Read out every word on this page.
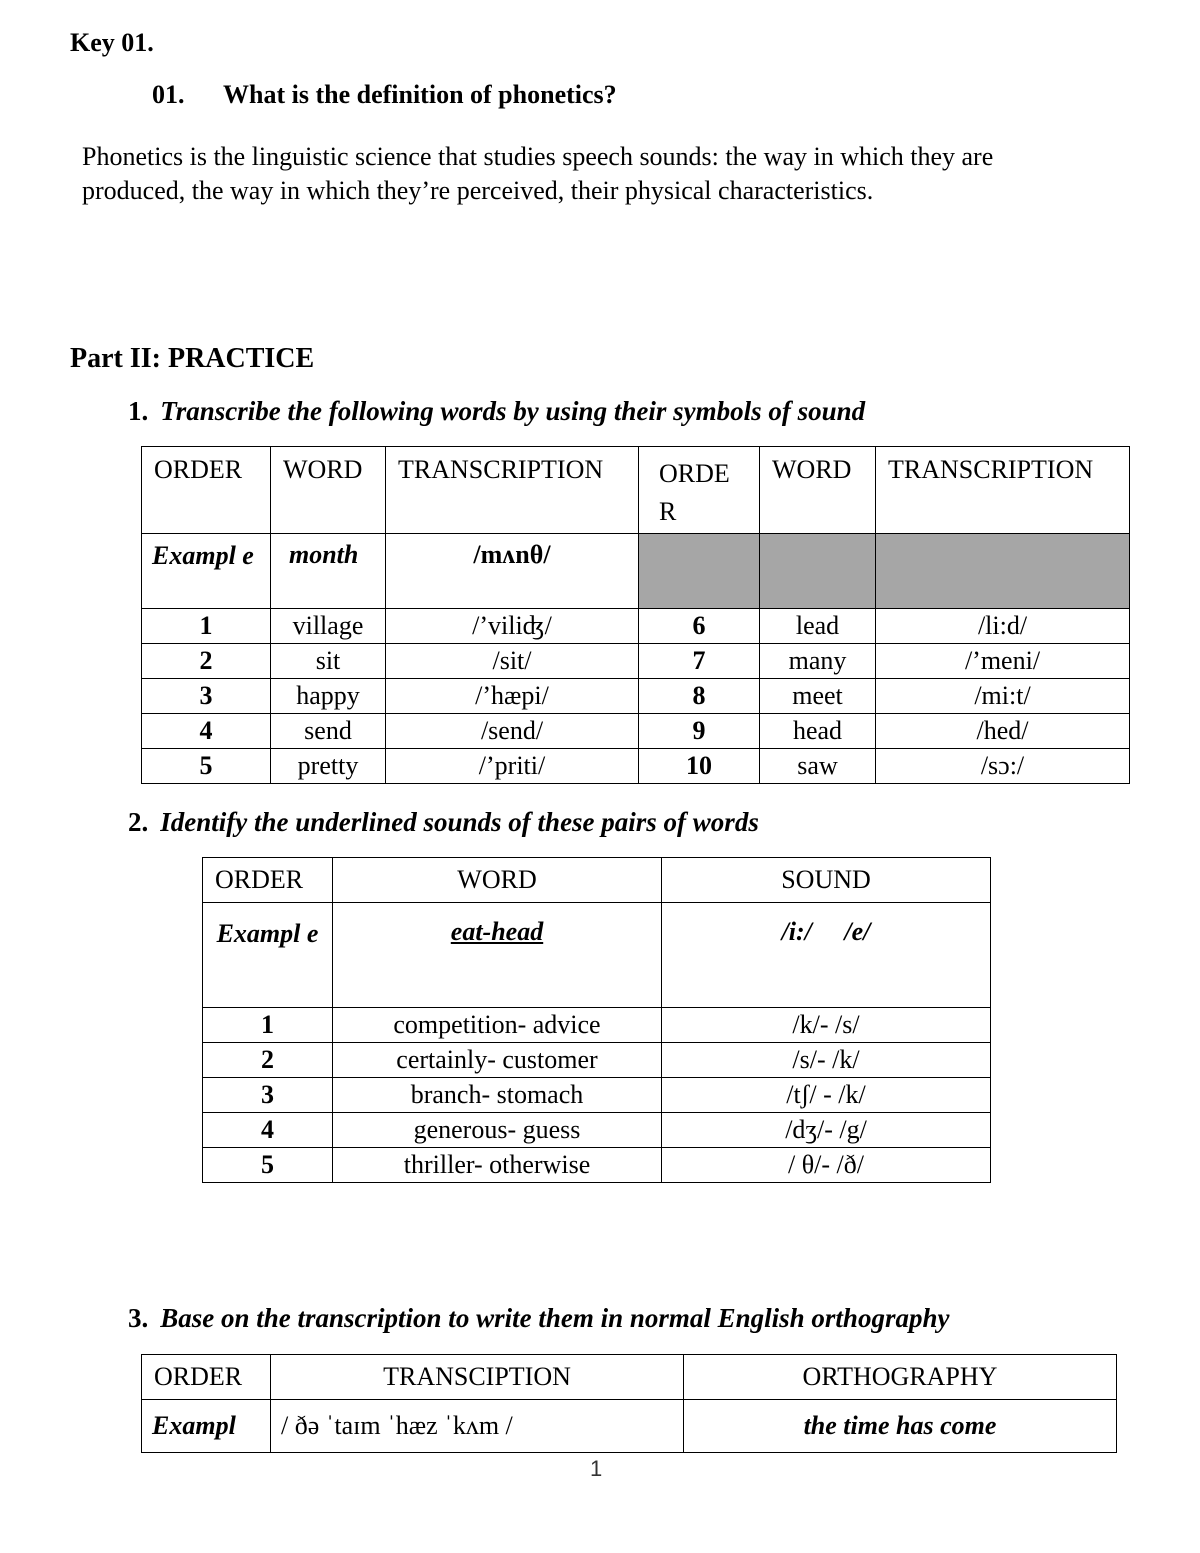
Key 01.
01. What is the definition of phonetics?
Phonetics is the linguistic science that studies speech sounds: the way in which they are produced, the way in which they’re perceived, their physical characteristics.
Part II: PRACTICE
1. Transcribe the following words by using their symbols of sound
ORDER	WORD	TRANSCRIPTION	ORDE R	WORD	TRANSCRIPTION
Exampl e	month	/mʌnθ/			
1	village	/’viliʤ/	6	lead	/li:d/
2	sit	/sit/	7	many	/’meni/
3	happy	/’hæpi/	8	meet	/mi:t/
4	send	/send/	9	head	/hed/
5	pretty	/’priti/	10	saw	/sɔ:/
2. Identify the underlined sounds of these pairs of words
ORDER	WORD	SOUND
Exampl e	eat-head	/i:/     /e/
1	competition- advice	/k/- /s/
2	certainly- customer	/s/- /k/
3	branch- stomach	/tʃ/ - /k/
4	generous- guess	/dʒ/- /g/
5	thriller- otherwise	/ θ/- /ð/
3. Base on the transcription to write them in normal English orthography
ORDER	TRANSCIPTION	ORTHOGRAPHY
Exampl	/ ðə ˈtaɪm ˈhæz ˈkʌm /	the time has come
1
